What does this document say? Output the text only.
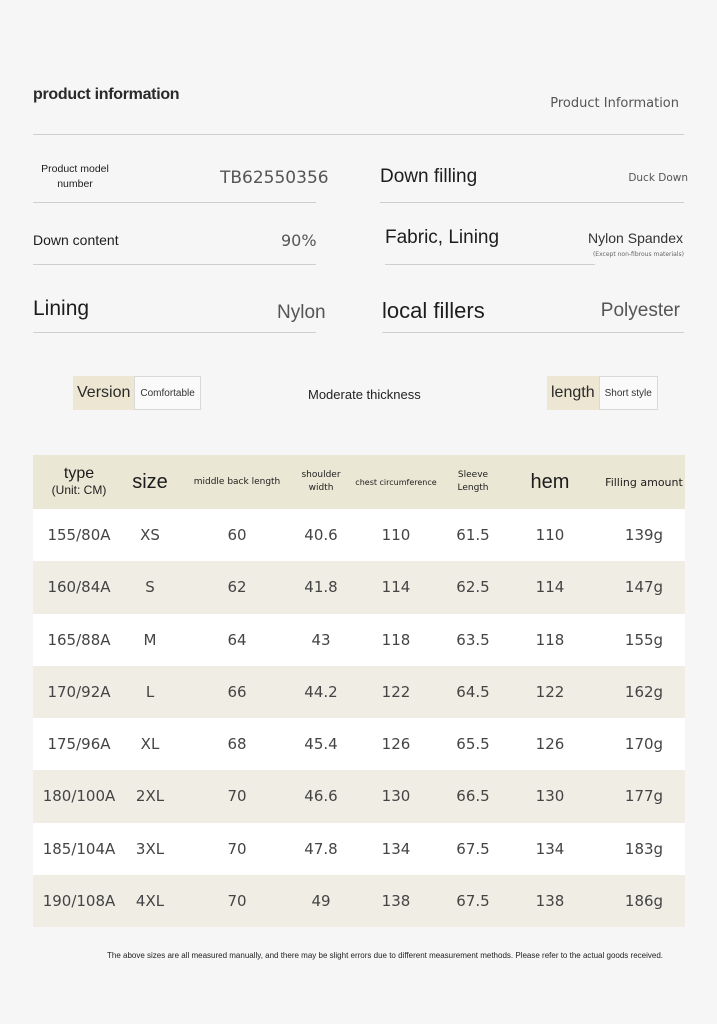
product information
Product Information
Product model number	TB62550356	Down filling	Duck Down
Down content	90%	Fabric, Lining	Nylon Spandex
(Except non-fibrous materials)
Lining	Nylon	local fillers	Polyester
Version	Comfortable	Moderate thickness	length	Short style
type
(Unit: CM)	size	middle back length	shoulder width	chest circumference	Sleeve Length	hem	Filling amount
155/80A	XS	60	40.6	110	61.5	110	139g
160/84A	S	62	41.8	114	62.5	114	147g
165/88A	M	64	43	118	63.5	118	155g
170/92A	L	66	44.2	122	64.5	122	162g
175/96A	XL	68	45.4	126	65.5	126	170g
180/100A	2XL	70	46.6	130	66.5	130	177g
185/104A	3XL	70	47.8	134	67.5	134	183g
190/108A	4XL	70	49	138	67.5	138	186g
The above sizes are all measured manually, and there may be slight errors due to different measurement methods. Please refer to the actual goods received.
